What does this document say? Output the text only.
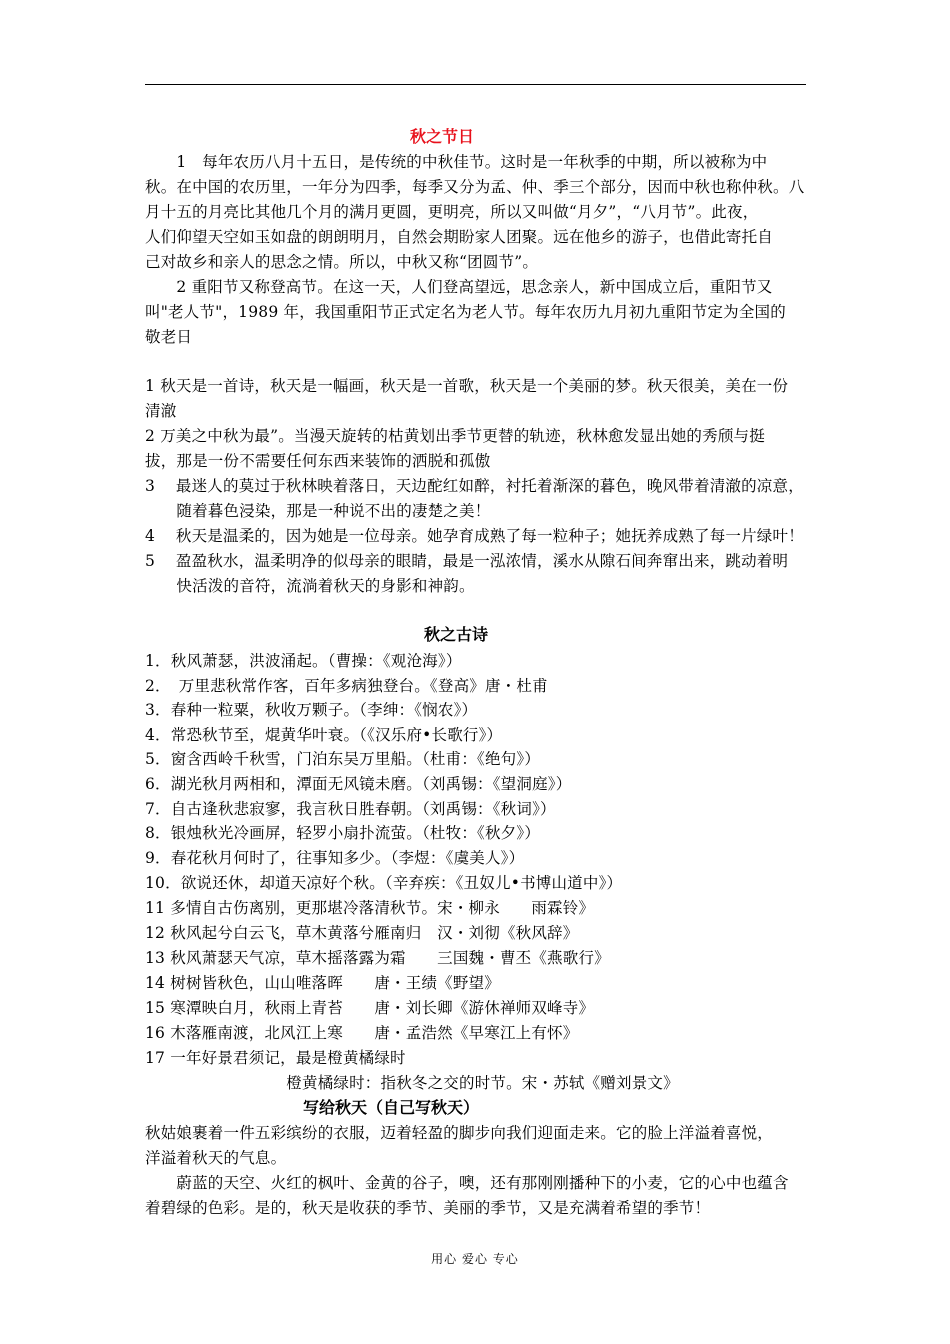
秋之节日
　　1　每年农历八月十五日，是传统的中秋佳节。这时是一年秋季的中期，所以被称为中
秋。在中国的农历里，一年分为四季，每季又分为孟、仲、季三个部分，因而中秋也称仲秋。八
月十五的月亮比其他几个月的满月更圆，更明亮，所以又叫做“月夕”，“八月节”。此夜，
人们仰望天空如玉如盘的朗朗明月，自然会期盼家人团聚。远在他乡的游子，也借此寄托自
己对故乡和亲人的思念之情。所以，中秋又称“团圆节”。
　　2 重阳节又称登高节。在这一天，人们登高望远，思念亲人，新中国成立后，重阳节又
叫"老人节"，1989 年，我国重阳节正式定名为老人节。每年农历九月初九重阳节定为全国的
敬老日
1 秋天是一首诗，秋天是一幅画，秋天是一首歌，秋天是一个美丽的梦。秋天很美，美在一份
清澈
2 万美之中秋为最”。当漫天旋转的枯黄划出季节更替的轨迹，秋林愈发显出她的秀颀与挺
拔，那是一份不需要任何东西来装饰的洒脱和孤傲
3　 最迷人的莫过于秋林映着落日，天边酡红如醉，衬托着渐深的暮色，晚风带着清澈的凉意，
　　随着暮色浸染，那是一种说不出的凄楚之美！
4　 秋天是温柔的，因为她是一位母亲。她孕育成熟了每一粒种子；她抚养成熟了每一片绿叶！
5　 盈盈秋水，温柔明净的似母亲的眼睛，最是一泓浓情，溪水从隙石间奔窜出来，跳动着明
　　快活泼的音符，流淌着秋天的身影和神韵。
秋之古诗
1．秋风萧瑟，洪波涌起。（曹操：《观沧海》）
2．　万里悲秋常作客，百年多病独登台。《登高》唐・杜甫
3．春种一粒粟，秋收万颗子。（李绅：《悯农》）
4．常恐秋节至，焜黄华叶衰。（《汉乐府•长歌行》）
5．窗含西岭千秋雪，门泊东吴万里船。（杜甫：《绝句》）
6．湖光秋月两相和，潭面无风镜未磨。（刘禹锡：《望洞庭》）
7．自古逢秋悲寂寥，我言秋日胜春朝。（刘禹锡：《秋词》）
8．银烛秋光冷画屏，轻罗小扇扑流萤。（杜牧：《秋夕》）
9．春花秋月何时了，往事知多少。（李煜：《虞美人》）
10．欲说还休，却道天凉好个秋。（辛弃疾：《丑奴儿•书博山道中》）
11 多情自古伤离别，更那堪冷落清秋节。宋・柳永　　雨霖铃》
12 秋风起兮白云飞，草木黄落兮雁南归　汉・刘彻《秋风辞》
13 秋风萧瑟天气凉，草木摇落露为霜　　三国魏・曹丕《燕歌行》
14 树树皆秋色，山山唯落晖　　唐・王绩《野望》
15 寒潭映白月，秋雨上青苔　　唐・刘长卿《游休禅师双峰寺》
16 木落雁南渡，北风江上寒　　唐・孟浩然《早寒江上有怀》
17 一年好景君须记，最是橙黄橘绿时
　　　　　　　　　橙黄橘绿时：指秋冬之交的时节。宋・苏轼《赠刘景文》
写给秋天（自己写秋天）
秋姑娘裹着一件五彩缤纷的衣服，迈着轻盈的脚步向我们迎面走来。它的脸上洋溢着喜悦，
洋溢着秋天的气息。
　　蔚蓝的天空、火红的枫叶、金黄的谷子，噢，还有那刚刚播种下的小麦，它的心中也蕴含
着碧绿的色彩。是的，秋天是收获的季节、美丽的季节，又是充满着希望的季节！
用心 爱心 专心
